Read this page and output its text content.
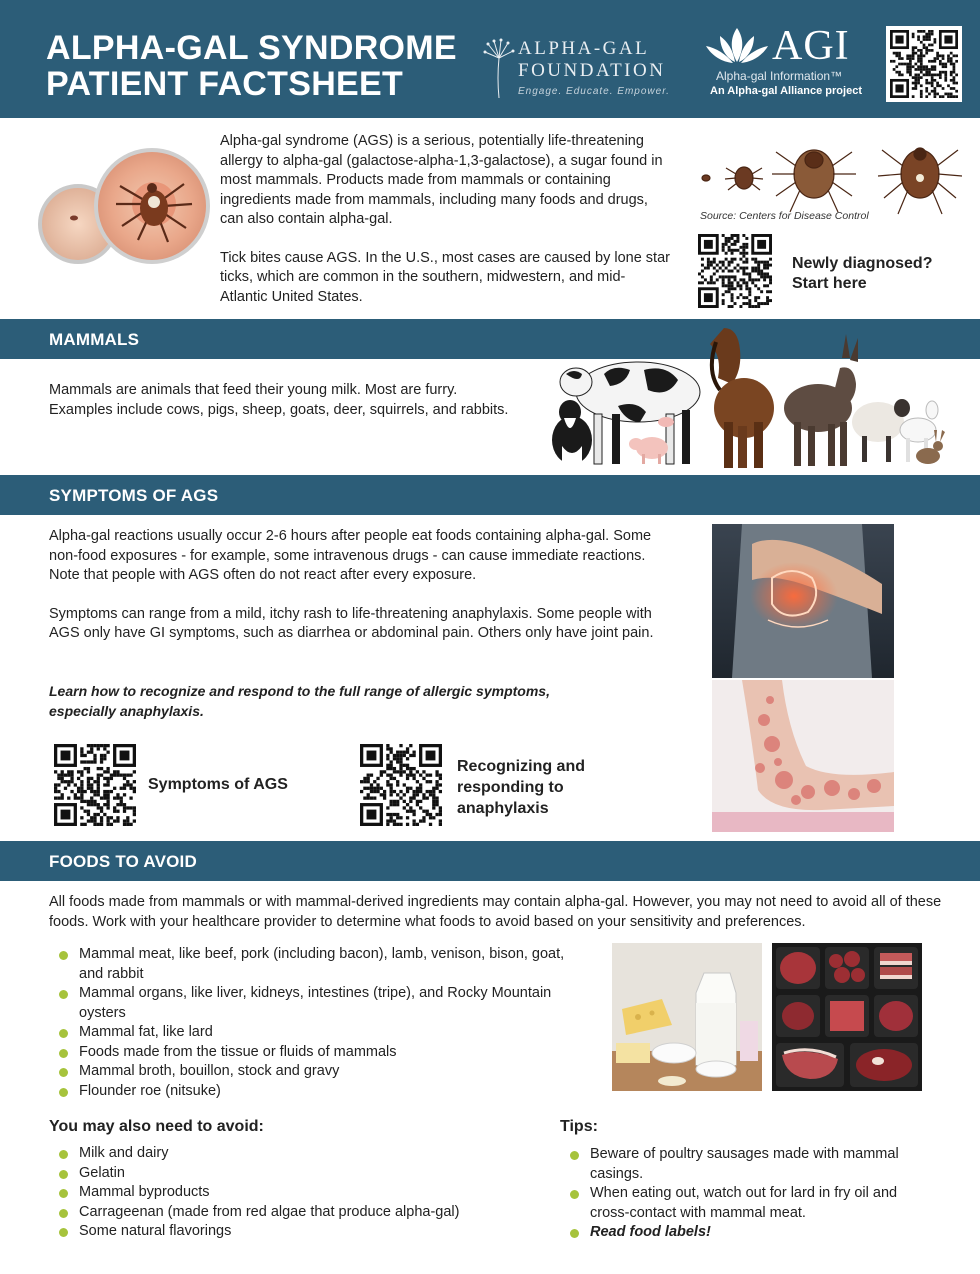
ALPHA-GAL SYNDROME
PATIENT FACTSHEET
ALPHA-GAL
FOUNDATION
Engage. Educate. Empower.
AGI
Alpha-gal Information™
An Alpha-gal Alliance project

Alpha-gal syndrome (AGS) is a serious, potentially life-threatening allergy to alpha-gal (galactose-alpha-1,3-galactose), a sugar found in most mammals. Products made from mammals or containing ingredients made from mammals, including many foods and drugs, can also contain alpha-gal.

Tick bites cause AGS. In the U.S., most cases are caused by lone star ticks, which are common in the southern, midwestern, and mid-Atlantic United States.

Source: Centers for Disease Control
Newly diagnosed?
Start here
MAMMALS
Mammals are animals that feed their young milk. Most are furry.
Examples include cows, pigs, sheep, goats, deer, squirrels, and rabbits.
SYMPTOMS OF AGS

Alpha-gal reactions usually occur 2-6 hours after people eat foods containing alpha-gal. Some non-food exposures - for example, some intravenous drugs - can cause immediate reactions. Note that people with AGS often do not react after every exposure.

Symptoms can range from a mild, itchy rash to life-threatening anaphylaxis. Some people with AGS only have GI symptoms, such as diarrhea or abdominal pain. Others only have joint pain.

Learn how to recognize and respond to the full range of allergic symptoms, especially anaphylaxis.
Symptoms of AGS
Recognizing and
responding to
anaphylaxis
FOODS TO AVOID
All foods made from mammals or with mammal-derived ingredients may contain alpha-gal. However, you may not need to avoid all of these foods. Work with your healthcare provider to determine what foods to avoid based on your sensitivity and preferences.
Mammal meat, like beef, pork (including bacon), lamb, venison, bison, goat, and rabbit
Mammal organs, like liver, kidneys, intestines (tripe), and Rocky Mountain oysters
Mammal fat, like lard
Foods made from the tissue or fluids of mammals
Mammal broth, bouillon, stock and gravy
Flounder roe (nitsuke)
You may also need to avoid:
Milk and dairy
Gelatin
Mammal byproducts
Carrageenan (made from red algae that produce alpha-gal)
Some natural flavorings
Tips:
Beware of poultry sausages made with mammal casings.
When eating out, watch out for lard in fry oil and cross-contact with mammal meat.
Read food labels!
